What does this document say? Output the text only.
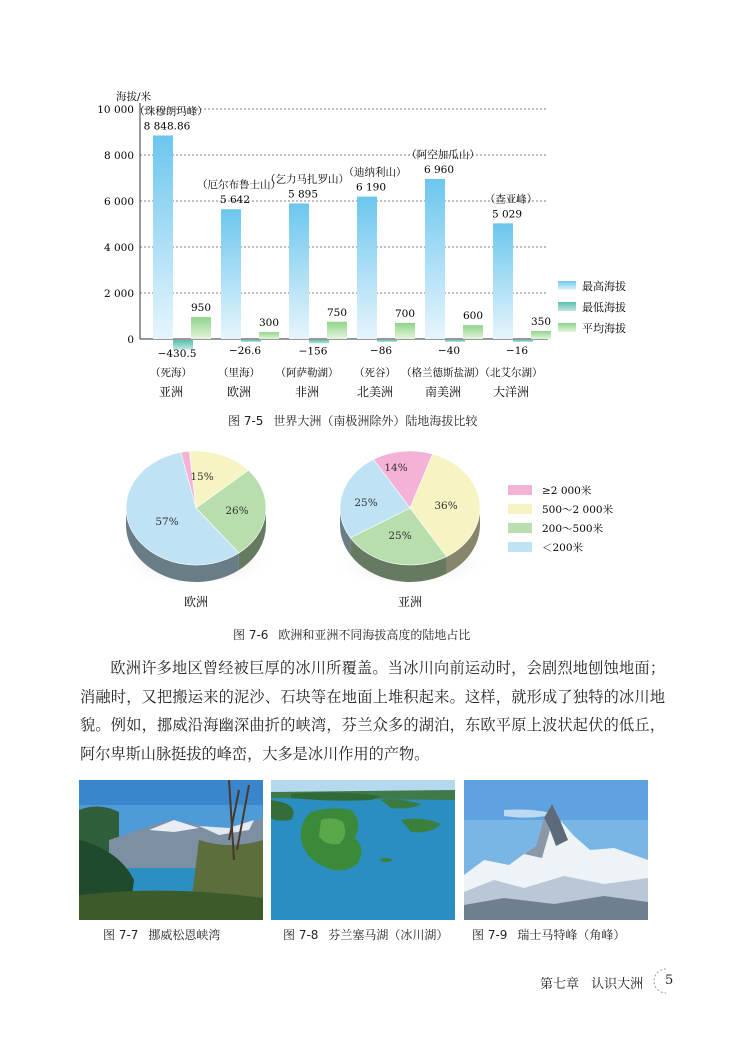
海拔/米
0
2 000
4 000
6 000
8 000
10 000
8 848.86
（珠穆朗玛峰）
950
−430.5
（死海）
亚洲
5 642
（厄尔布鲁士山）
300
−26.6
（里海）
欧洲
5 895
（乞力马扎罗山）
750
−156
（阿萨勒湖）
非洲
6 190
（迪纳利山）
700
−86
（死谷）
北美洲
6 960
（阿空加瓜山）
600
−40
（格兰德斯盐湖）
南美洲
5 029
（查亚峰）
350
−16
（北艾尔湖）
大洋洲
最高海拔
最低海拔
平均海拔
图 7-5 世界大洲（南极洲除外）陆地海拔比较
15%
26%
57%
欧洲
14%
36%
25%
25%
亚洲
≥2 000米
500～2 000米
200～500米
＜200米
图 7-6 欧洲和亚洲不同海拔高度的陆地占比

欧洲许多地区曾经被巨厚的冰川所覆盖。当冰川向前运动时，会剧烈地刨蚀地面；消融时，又把搬运来的泥沙、石块等在地面上堆积起来。这样，就形成了独特的冰川地貌。例如，挪威沿海幽深曲折的峡湾，芬兰众多的湖泊，东欧平原上波状起伏的低丘，阿尔卑斯山脉挺拔的峰峦，大多是冰川作用的产物。

图 7-7 挪威松恩峡湾	图 7-8 芬兰塞马湖（冰川湖） 图 7-9 瑞士马特峰（角峰）
第七章 认识大洲 5
